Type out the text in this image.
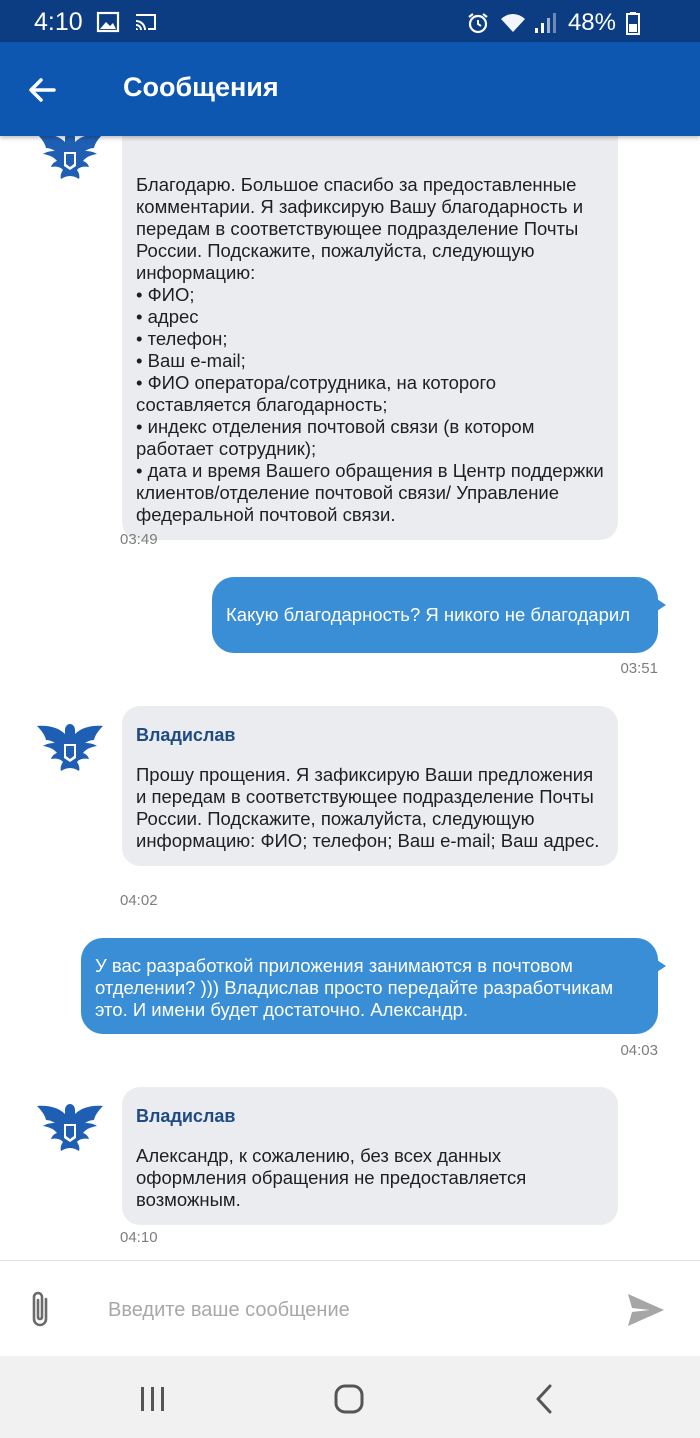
4:10	48%
Сообщения

Благодарю. Большое спасибо за предоставленные комментарии. Я зафиксирую Вашу благодарность и передам в соответствующее подразделение Почты России. Подскажите, пожалуйста, следующую информацию:
• ФИО;
• адрес
• телефон;
• Ваш e-mail;
• ФИО оператора/сотрудника, на которого составляется благодарность;
• индекс отделения почтовой связи (в котором работает сотрудник);
• дата и время Вашего обращения в Центр поддержки клиентов/отделение почтовой связи/ Управление федеральной почтовой связи.
03:49
Какую благодарность? Я никого не благодарил
03:51
Владислав
Прошу прощения. Я зафиксирую Ваши предложения и передам в соответствующее подразделение Почты России. Подскажите, пожалуйста, следующую информацию: ФИО; телефон; Ваш e-mail; Ваш адрес.
04:02
У вас разработкой приложения занимаются в почтовом отделении? ))) Владислав просто передайте разработчикам это. И имени будет достаточно. Александр.
04:03
Владислав
Александр, к сожалению, без всех данных оформления обращения не предоставляется возможным.
04:10
Введите ваше сообщение
